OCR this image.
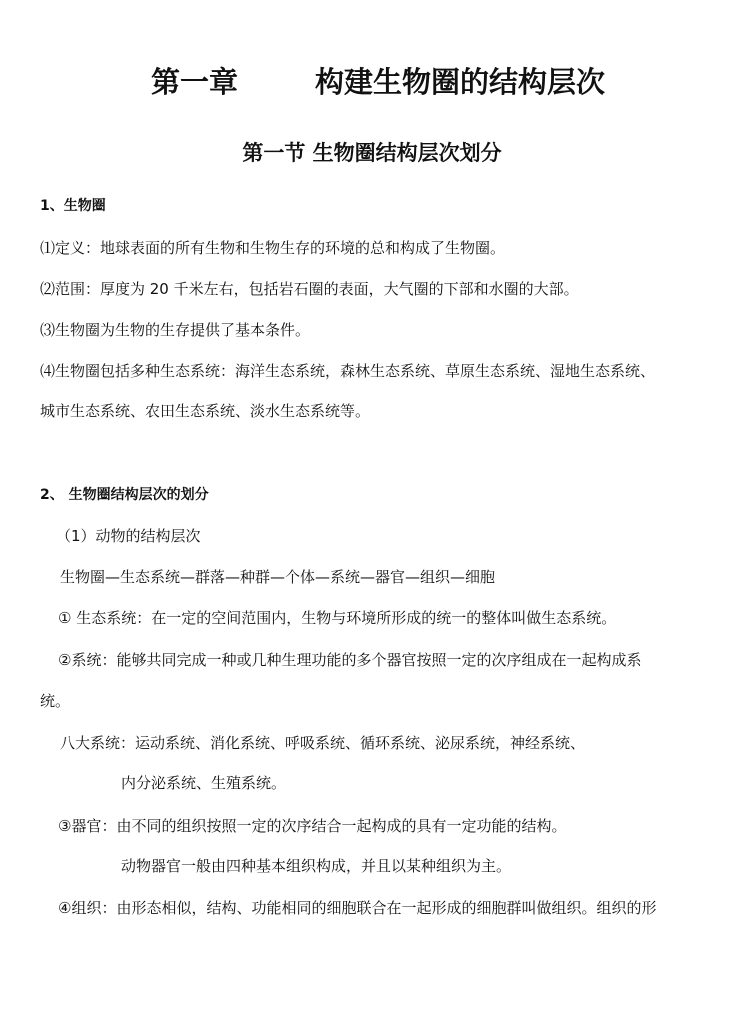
第一章	构建生物圈的结构层次
第一节 生物圈结构层次划分
1、生物圈
⑴定义：地球表面的所有生物和生物生存的环境的总和构成了生物圈。
⑵范围：厚度为 20 千米左右，包括岩石圈的表面，大气圈的下部和水圈的大部。
⑶生物圈为生物的生存提供了基本条件。
⑷生物圈包括多种生态系统：海洋生态系统，森林生态系统、草原生态系统、湿地生态系统、
城市生态系统、农田生态系统、淡水生态系统等。
2、 生物圈结构层次的划分
（1）动物的结构层次
生物圈—生态系统—群落—种群—个体—系统—器官—组织—细胞
① 生态系统：在一定的空间范围内，生物与环境所形成的统一的整体叫做生态系统。
②系统：能够共同完成一种或几种生理功能的多个器官按照一定的次序组成在一起构成系
统。
八大系统：运动系统、消化系统、呼吸系统、循环系统、泌尿系统，神经系统、
内分泌系统、生殖系统。
③器官：由不同的组织按照一定的次序结合一起构成的具有一定功能的结构。
动物器官一般由四种基本组织构成，并且以某种组织为主。
④组织：由形态相似，结构、功能相同的细胞联合在一起形成的细胞群叫做组织。组织的形
